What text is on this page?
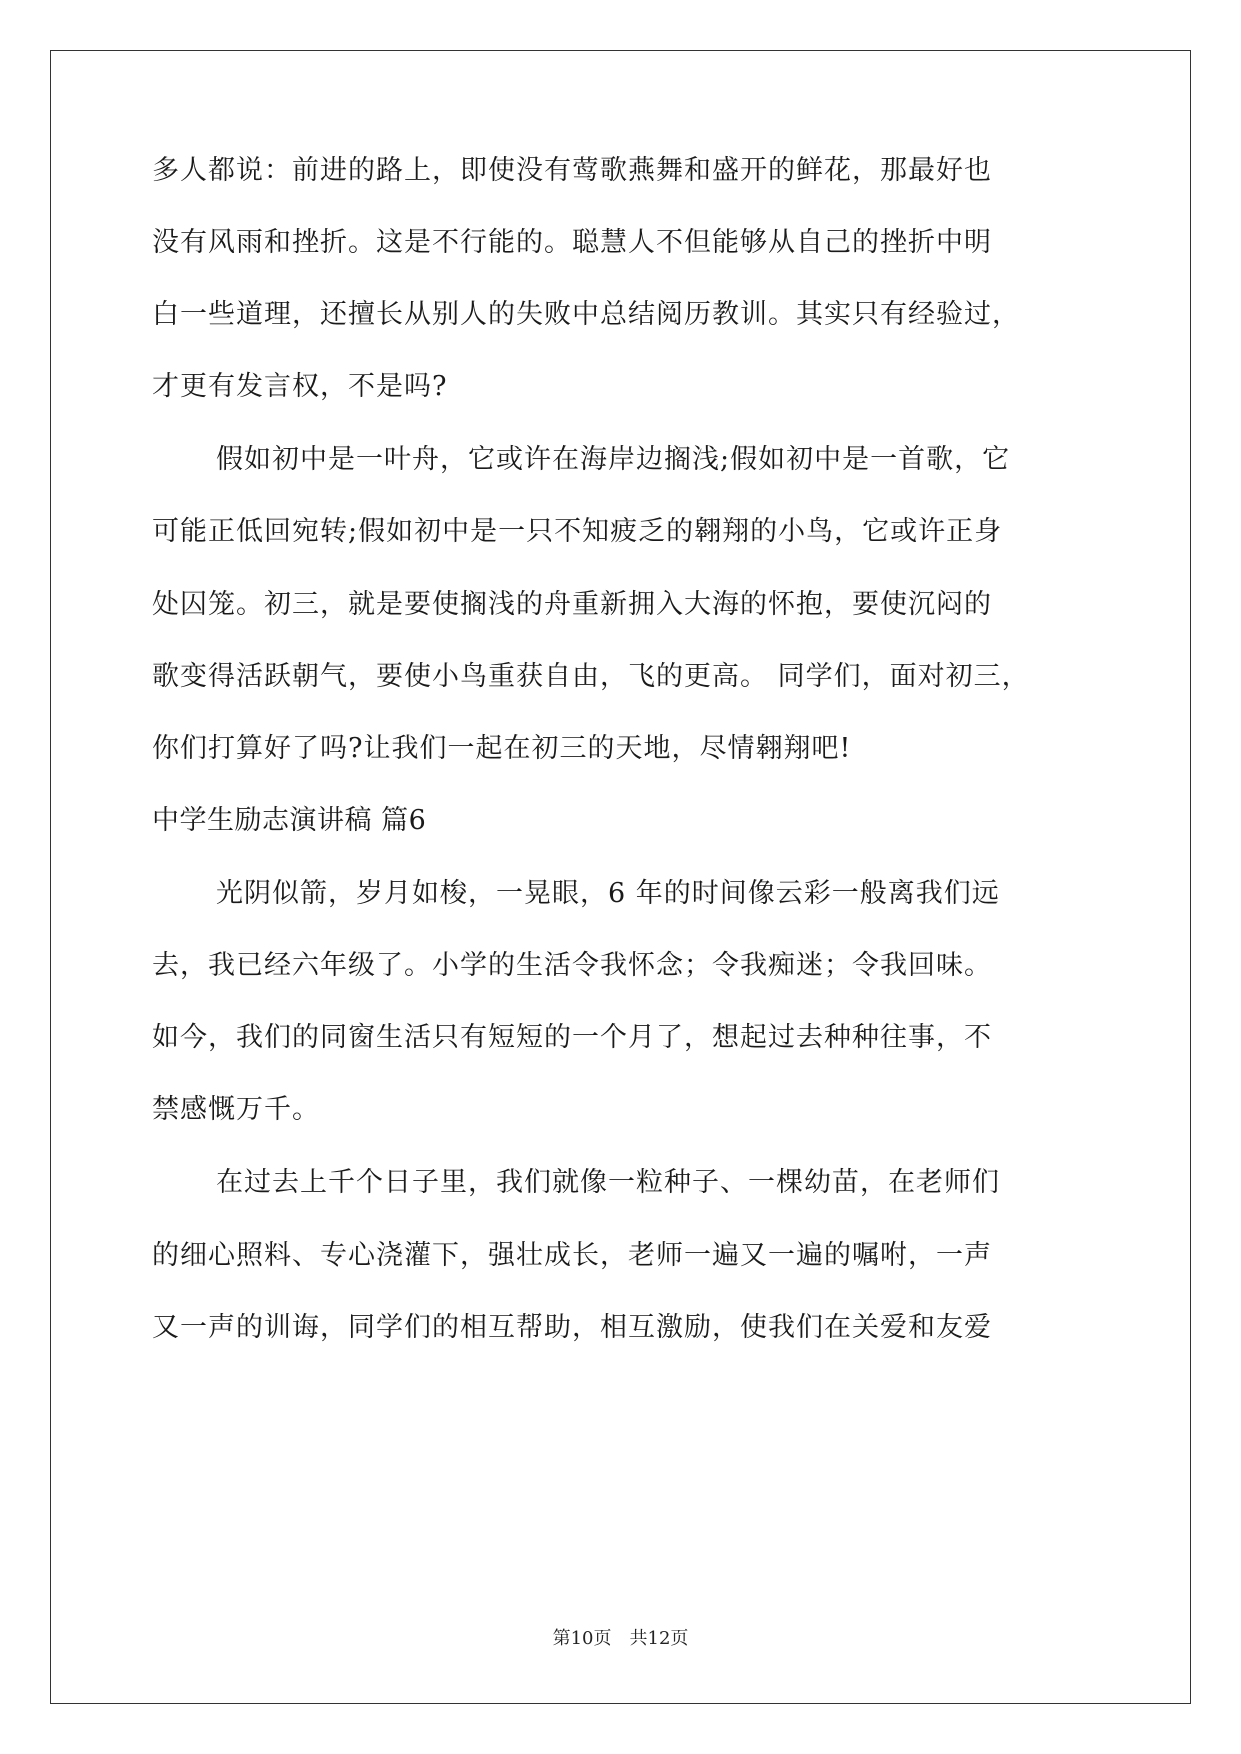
多人都说：前进的路上，即使没有莺歌燕舞和盛开的鲜花，那最好也
没有风雨和挫折。这是不行能的。聪慧人不但能够从自己的挫折中明
白一些道理，还擅长从别人的失败中总结阅历教训。其实只有经验过，
才更有发言权，不是吗?
假如初中是一叶舟，它或许在海岸边搁浅;假如初中是一首歌，它
可能正低回宛转;假如初中是一只不知疲乏的翱翔的小鸟，它或许正身
处囚笼。初三，就是要使搁浅的舟重新拥入大海的怀抱，要使沉闷的
歌变得活跃朝气，要使小鸟重获自由，飞的更高。 同学们，面对初三，
你们打算好了吗?让我们一起在初三的天地，尽情翱翔吧!
中学生励志演讲稿 篇6
光阴似箭，岁月如梭，一晃眼，6 年的时间像云彩一般离我们远
去，我已经六年级了。小学的生活令我怀念；令我痴迷；令我回味。
如今，我们的同窗生活只有短短的一个月了，想起过去种种往事，不
禁感慨万千。
在过去上千个日子里，我们就像一粒种子、一棵幼苗，在老师们
的细心照料、专心浇灌下，强壮成长，老师一遍又一遍的嘱咐，一声
又一声的训诲，同学们的相互帮助，相互激励，使我们在关爱和友爱
第10页　共12页
